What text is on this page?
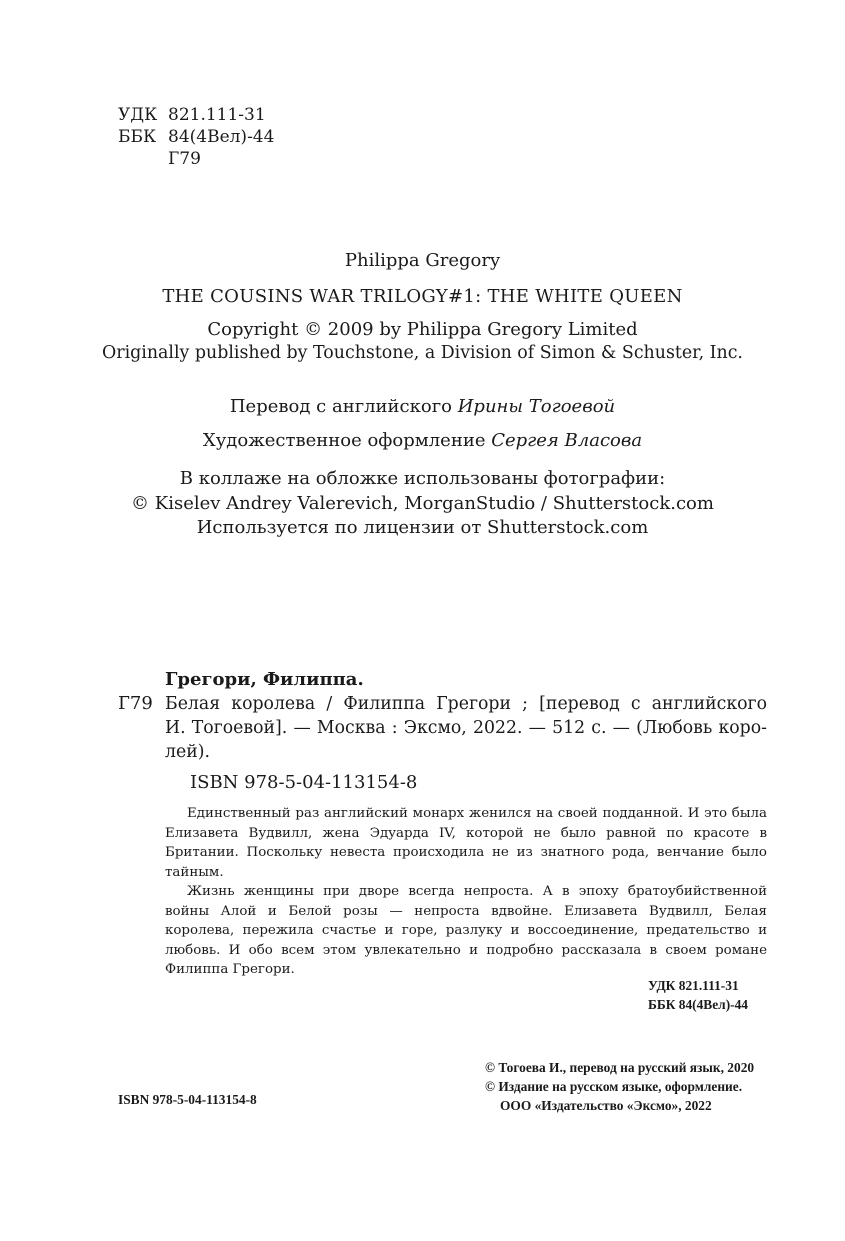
УДК 821.111-31
ББК 84(4Вел)-44
Г79
Philippa Gregory
THE COUSINS WAR TRILOGY#1: THE WHITE QUEEN
Copyright © 2009 by Philippa Gregory Limited
Originally published by Touchstone, a Division of Simon & Schuster, Inc.
Перевод с английского Ирины Тогоевой
Художественное оформление Сергея Власова
В коллаже на обложке использованы фотографии:
© Kiselev Andrey Valerevich, MorganStudio / Shutterstock.com
Используется по лицензии от Shutterstock.com
Грегори, Филиппа.
Г79 Белая королева / Филиппа Грегори ; [перевод с английского
И. Тогоевой]. — Москва : Эксмо, 2022. — 512 с. — (Любовь коро-
лей).
ISBN 978-5-04-113154-8
Единственный раз английский монарх женился на своей подданной. И это была Елизавета Вудвилл, жена Эдуарда IV, которой не было равной по красоте в Британии. Поскольку невеста происходила не из знатного рода, венчание было тайным.
Жизнь женщины при дворе всегда непроста. А в эпоху братоубийственной войны Алой и Белой розы — непроста вдвойне. Елизавета Вудвилл, Белая королева, пережила счастье и горе, разлуку и воссоединение, предательство и любовь. И обо всем этом увлекательно и подробно рассказала в своем романе Филиппа Грегори.
УДК 821.111-31
ББК 84(4Вел)-44
ISBN 978-5-04-113154-8
© Тогоева И., перевод на русский язык, 2020
© Издание на русском языке, оформление.
ООО «Издательство «Эксмо», 2022
